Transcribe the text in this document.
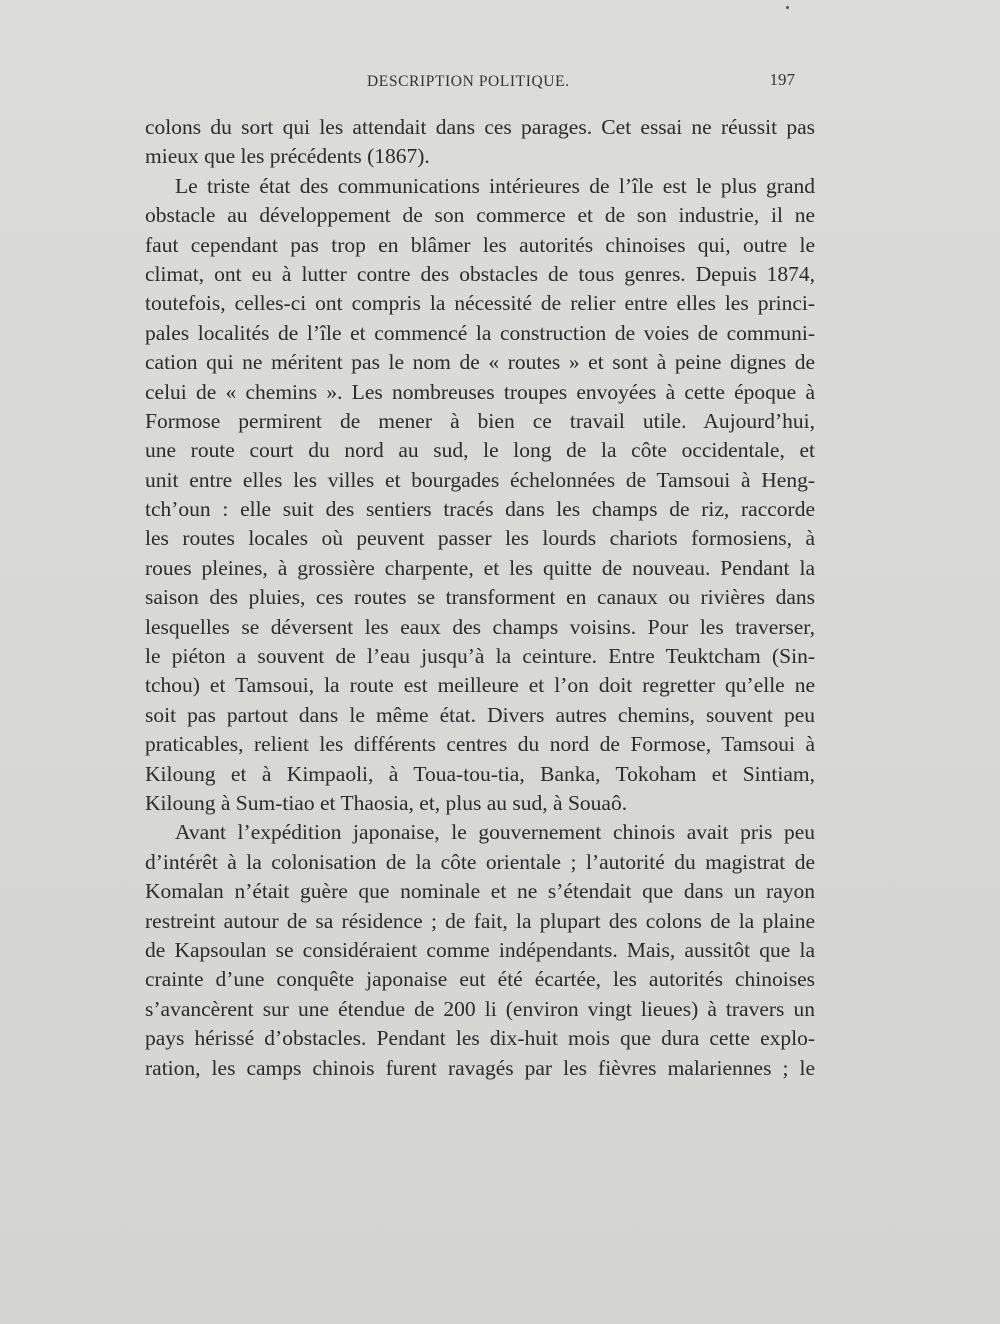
DESCRIPTION POLITIQUE.	197
colons du sort qui les attendait dans ces parages. Cet essai ne réussit pas
mieux que les précédents (1867).
Le triste état des communications intérieures de l’île est le plus grand
obstacle au développement de son commerce et de son industrie, il ne
faut cependant pas trop en blâmer les autorités chinoises qui, outre le
climat, ont eu à lutter contre des obstacles de tous genres. Depuis 1874,
toutefois, celles-ci ont compris la nécessité de relier entre elles les princi-
pales localités de l’île et commencé la construction de voies de communi-
cation qui ne méritent pas le nom de « routes » et sont à peine dignes de
celui de « chemins ». Les nombreuses troupes envoyées à cette époque à
Formose permirent de mener à bien ce travail utile. Aujourd’hui,
une route court du nord au sud, le long de la côte occidentale, et
unit entre elles les villes et bourgades échelonnées de Tamsoui à Heng-
tch’oun : elle suit des sentiers tracés dans les champs de riz, raccorde
les routes locales où peuvent passer les lourds chariots formosiens, à
roues pleines, à grossière charpente, et les quitte de nouveau. Pendant la
saison des pluies, ces routes se transforment en canaux ou rivières dans
lesquelles se déversent les eaux des champs voisins. Pour les traverser,
le piéton a souvent de l’eau jusqu’à la ceinture. Entre Teuktcham (Sin-
tchou) et Tamsoui, la route est meilleure et l’on doit regretter qu’elle ne
soit pas partout dans le même état. Divers autres chemins, souvent peu
praticables, relient les différents centres du nord de Formose, Tamsoui à
Kiloung et à Kimpaoli, à Toua-tou-tia, Banka, Tokoham et Sintiam,
Kiloung à Sum-tiao et Thaosia, et, plus au sud, à Souaô.
Avant l’expédition japonaise, le gouvernement chinois avait pris peu
d’intérêt à la colonisation de la côte orientale ; l’autorité du magistrat de
Komalan n’était guère que nominale et ne s’étendait que dans un rayon
restreint autour de sa résidence ; de fait, la plupart des colons de la plaine
de Kapsoulan se considéraient comme indépendants. Mais, aussitôt que la
crainte d’une conquête japonaise eut été écartée, les autorités chinoises
s’avancèrent sur une étendue de 200 li (environ vingt lieues) à travers un
pays hérissé d’obstacles. Pendant les dix-huit mois que dura cette explo-
ration, les camps chinois furent ravagés par les fièvres malariennes ; le
